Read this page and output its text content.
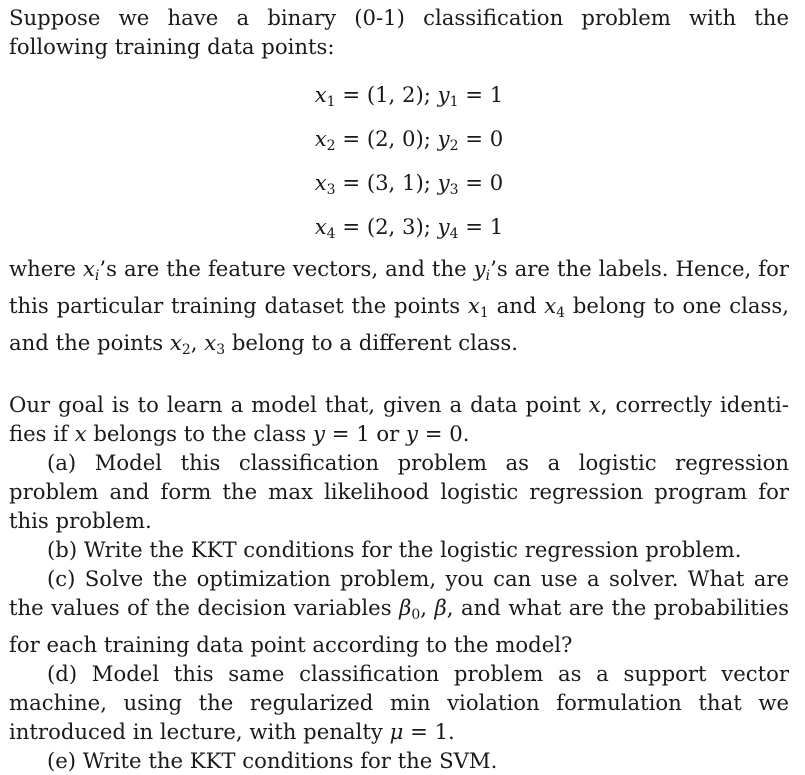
Suppose we have a binary (0-1) classification problem with the following training data points:

$x_1 = (1$, 2); $y_1 = 1$
$x_2 = (2$, 0); $y_2 = 0$
$x_3 = (3$, 1); $y_3 = 0$
$x_4 = (2$, 3); $y_4 = 1$

where $x_i’s$ are the feature vectors, and the $y_i’s$ are the labels. Hence, for this particular training dataset the points $x_1$ and $x_4$ belong to one class, and the points $x_2$, $x_3$ belong to a different class.

Our goal is to learn a model that, given a data point x, correctly identi-fies if x belongs to the class y = 1 or y = 0.

(a) Model this classification problem as a logistic regression problem and form the max likelihood logistic regression program for this problem.

(b) Write the KKT conditions for the logistic regression problem.

(c) Solve the optimization problem, you can use a solver. What are the values of the decision variables $\beta_0$, β, and what are the probabilities for each training data point according to the model?

(d) Model this same classification problem as a support vector machine, using the regularized min violation formulation that we introduced in lecture, with penalty μ = 1.

(e) Write the KKT conditions for the SVM.
